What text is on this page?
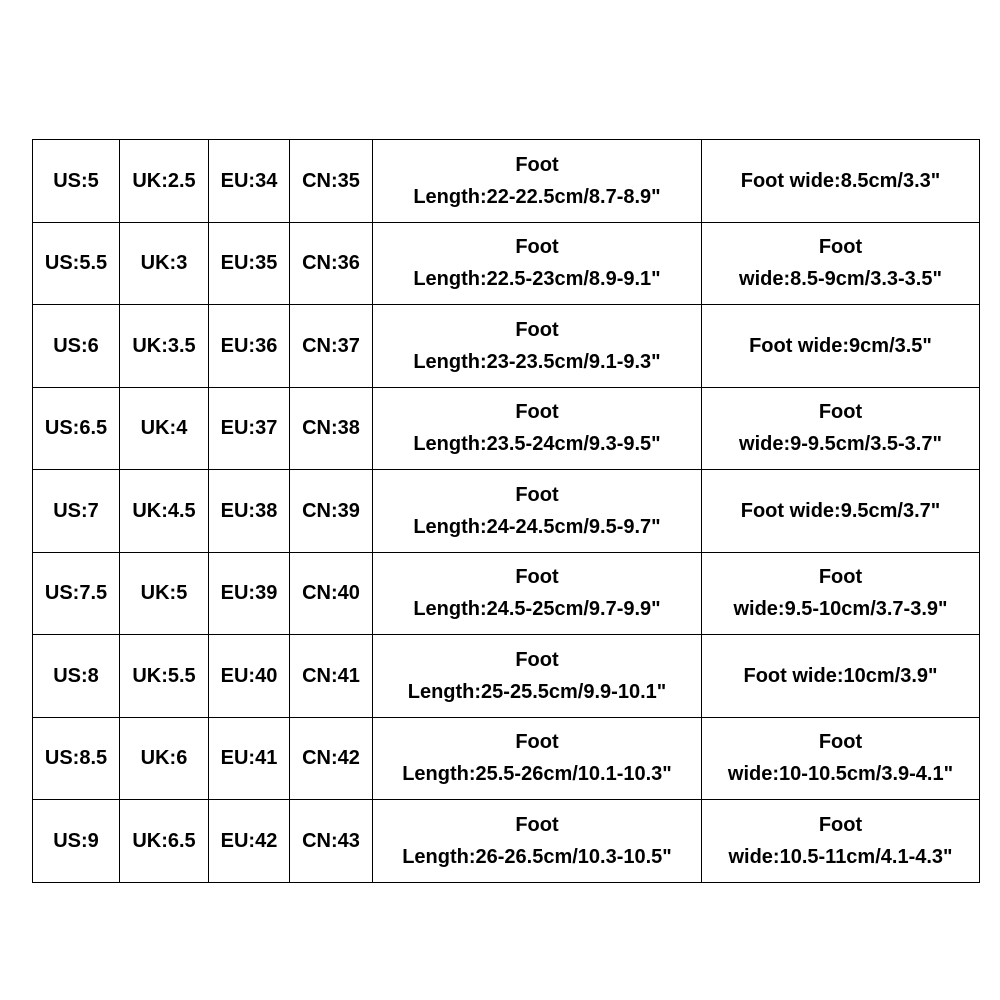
US:5	UK:2.5	EU:34	CN:35	Foot
Length:22-22.5cm/8.7-8.9"	Foot wide:8.5cm/3.3"

US:5.5	UK:3	EU:35	CN:36	Foot
Length:22.5-23cm/8.9-9.1"	Foot
wide:8.5-9cm/3.3-3.5"

US:6	UK:3.5	EU:36	CN:37	Foot
Length:23-23.5cm/9.1-9.3"	Foot wide:9cm/3.5"

US:6.5	UK:4	EU:37	CN:38	Foot
Length:23.5-24cm/9.3-9.5"	Foot
wide:9-9.5cm/3.5-3.7"

US:7	UK:4.5	EU:38	CN:39	Foot
Length:24-24.5cm/9.5-9.7"	Foot wide:9.5cm/3.7"

US:7.5	UK:5	EU:39	CN:40	Foot
Length:24.5-25cm/9.7-9.9"	Foot
wide:9.5-10cm/3.7-3.9"

US:8	UK:5.5	EU:40	CN:41	Foot
Length:25-25.5cm/9.9-10.1"	Foot wide:10cm/3.9"

US:8.5	UK:6	EU:41	CN:42	Foot
Length:25.5-26cm/10.1-10.3"	Foot
wide:10-10.5cm/3.9-4.1"

US:9	UK:6.5	EU:42	CN:43	Foot
Length:26-26.5cm/10.3-10.5"	Foot
wide:10.5-11cm/4.1-4.3"
